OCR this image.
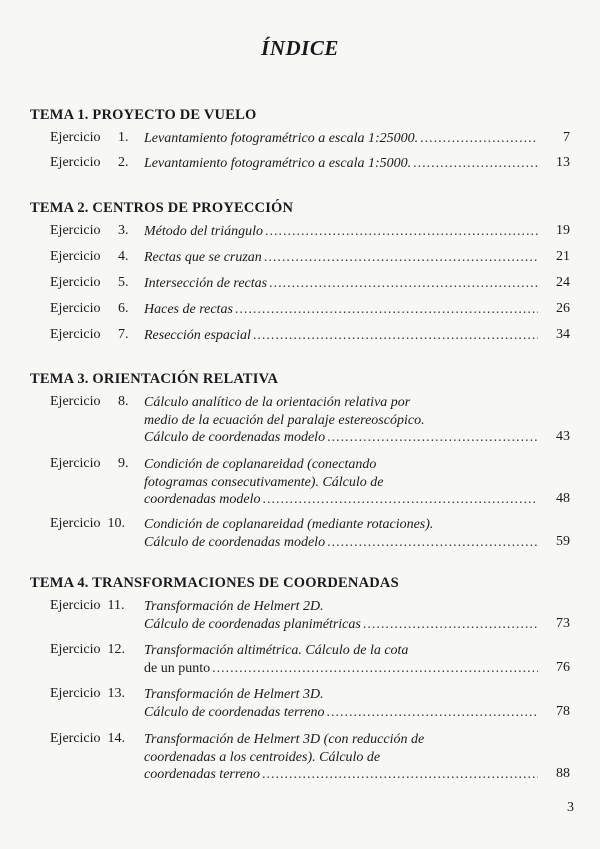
ÍNDICE
TEMA 1. PROYECTO DE VUELO
Ejercicio 1. Levantamiento fotogramétrico a escala 1:25000. .....	7
Ejercicio 2. Levantamiento fotogramétrico a escala 1:5000. .....	13
TEMA 2. CENTROS DE PROYECCIÓN
Ejercicio 3. Método del triángulo .....	19
Ejercicio 4. Rectas que se cruzan .....	21
Ejercicio 5. Intersección de rectas .....	24
Ejercicio 6. Haces de rectas .....	26
Ejercicio 7. Resección espacial .....	34
TEMA 3. ORIENTACIÓN RELATIVA
Ejercicio 8. Cálculo analítico de la orientación relativa por
medio de la ecuación del paralaje estereoscópico.
Cálculo de coordenadas modelo .....	43
Ejercicio 9. Condición de coplanareidad (conectando
fotogramas consecutivamente). Cálculo de
coordenadas modelo .....	48
Ejercicio 10. Condición de coplanareidad (mediante rotaciones).
Cálculo de coordenadas modelo .....	59
TEMA 4. TRANSFORMACIONES DE COORDENADAS
Ejercicio 11. Transformación de Helmert 2D.
Cálculo de coordenadas planimétricas .....	73
Ejercicio 12. Transformación altimétrica. Cálculo de la cota
de un punto .....	76
Ejercicio 13. Transformación de Helmert 3D.
Cálculo de coordenadas terreno .....	78
Ejercicio 14. Transformación de Helmert 3D (con reducción de
coordenadas a los centroides). Cálculo de
coordenadas terreno .....	88
3
